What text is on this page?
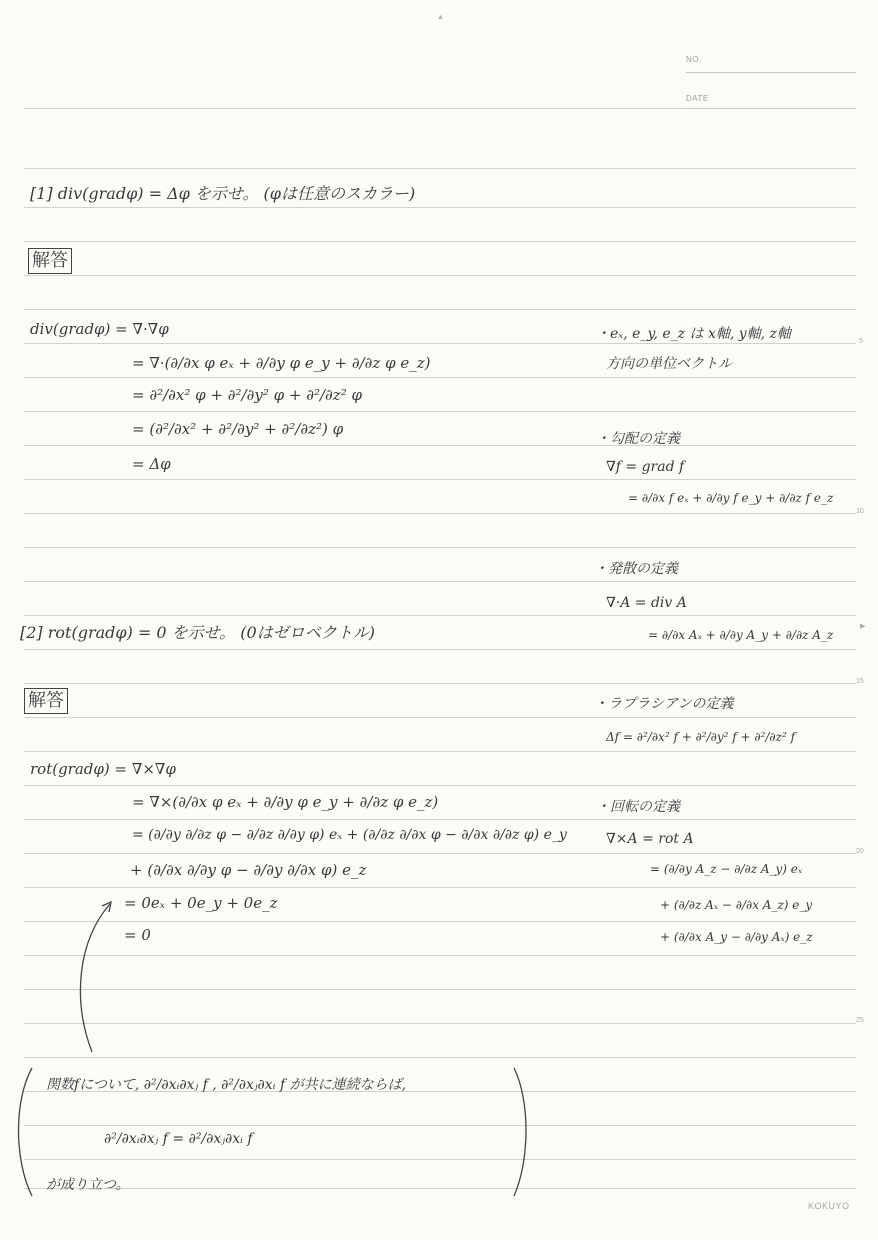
▲
NO.
DATE
5
10
▶
15
20
25
[1] div(gradφ) = Δφ を示せ。 (φは任意のスカラー)
解答
div(gradφ) = ∇·∇φ
= ∇·(∂/∂x φ eₓ + ∂/∂y φ e_y + ∂/∂z φ e_z)
= ∂²/∂x² φ + ∂²/∂y² φ + ∂²/∂z² φ
= (∂²/∂x² + ∂²/∂y² + ∂²/∂z²) φ
= Δφ
[2] rot(gradφ) = 0 を示せ。 (0はゼロベクトル)
解答
rot(gradφ) = ∇×∇φ
= ∇×(∂/∂x φ eₓ + ∂/∂y φ e_y + ∂/∂z φ e_z)
= (∂/∂y ∂/∂z φ − ∂/∂z ∂/∂y φ) eₓ + (∂/∂z ∂/∂x φ − ∂/∂x ∂/∂z φ) e_y
+ (∂/∂x ∂/∂y φ − ∂/∂y ∂/∂x φ) e_z
= 0eₓ + 0e_y + 0e_z
= 0
・eₓ, e_y, e_z は x軸, y軸, z軸
方向の単位ベクトル
・勾配の定義
∇f = grad f
= ∂/∂x f eₓ + ∂/∂y f e_y + ∂/∂z f e_z
・発散の定義
∇·A = div A
= ∂/∂x Aₓ + ∂/∂y A_y + ∂/∂z A_z
・ラプラシアンの定義
Δf = ∂²/∂x² f + ∂²/∂y² f + ∂²/∂z² f
・回転の定義
∇×A = rot A
= (∂/∂y A_z − ∂/∂z A_y) eₓ
+ (∂/∂z Aₓ − ∂/∂x A_z) e_y
+ (∂/∂x A_y − ∂/∂y Aₓ) e_z
関数fについて, ∂²/∂xᵢ∂xⱼ f , ∂²/∂xⱼ∂xᵢ f が共に連続ならば,
∂²/∂xᵢ∂xⱼ f = ∂²/∂xⱼ∂xᵢ f
が成り立つ。
KOKUYO
